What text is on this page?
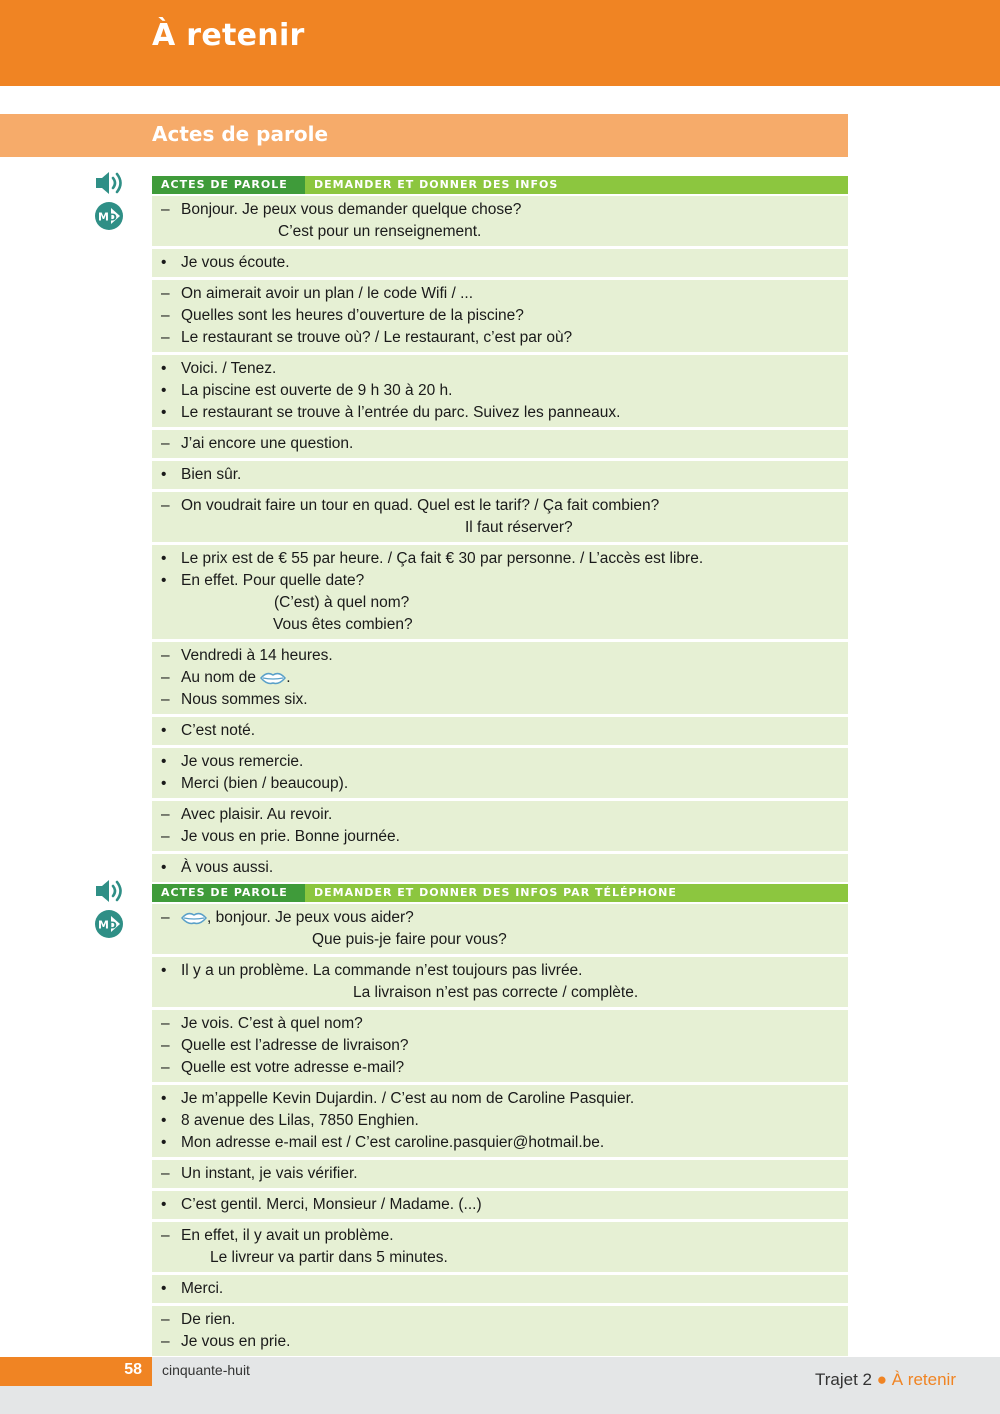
À retenir
Actes de parole
M D
ACTES DE PAROLE	DEMANDER ET DONNER DES INFOS
– Bonjour. Je peux vous demander quelque chose?
C’est pour un renseignement.
• Je vous écoute.
– On aimerait avoir un plan / le code Wifi / ...
– Quelles sont les heures d’ouverture de la piscine?
– Le restaurant se trouve où? / Le restaurant, c’est par où?
• Voici. / Tenez.
• La piscine est ouverte de 9 h 30 à 20 h.
• Le restaurant se trouve à l’entrée du parc. Suivez les panneaux.
– J’ai encore une question.
• Bien sûr.
– On voudrait faire un tour en quad. Quel est le tarif? / Ça fait combien?
Il faut réserver?
• Le prix est de € 55 par heure. / Ça fait € 30 par personne. / L’accès est libre.
• En effet. Pour quelle date?
(C’est) à quel nom?
Vous êtes combien?
– Vendredi à 14 heures.
– Au nom de .
– Nous sommes six.
• C’est noté.
• Je vous remercie.
• Merci (bien / beaucoup).
– Avec plaisir. Au revoir.
– Je vous en prie. Bonne journée.
• À vous aussi.
M D
ACTES DE PAROLE	DEMANDER ET DONNER DES INFOS PAR TÉLÉPHONE
–	, bonjour. Je peux vous aider?
Que puis-je faire pour vous?
• Il y a un problème. La commande n’est toujours pas livrée.
La livraison n’est pas correcte / complète.
– Je vois. C’est à quel nom?
– Quelle est l’adresse de livraison?
– Quelle est votre adresse e-mail?
• Je m’appelle Kevin Dujardin. / C’est au nom de Caroline Pasquier.
• 8 avenue des Lilas, 7850 Enghien.
• Mon adresse e-mail est / C’est caroline.pasquier@hotmail.be.
– Un instant, je vais vérifier.
• C’est gentil. Merci, Monsieur / Madame. (...)
– En effet, il y avait un problème.
Le livreur va partir dans 5 minutes.
• Merci.
– De rien.
– Je vous en prie.
58 cinquante-huit	Trajet 2 ● À retenir
